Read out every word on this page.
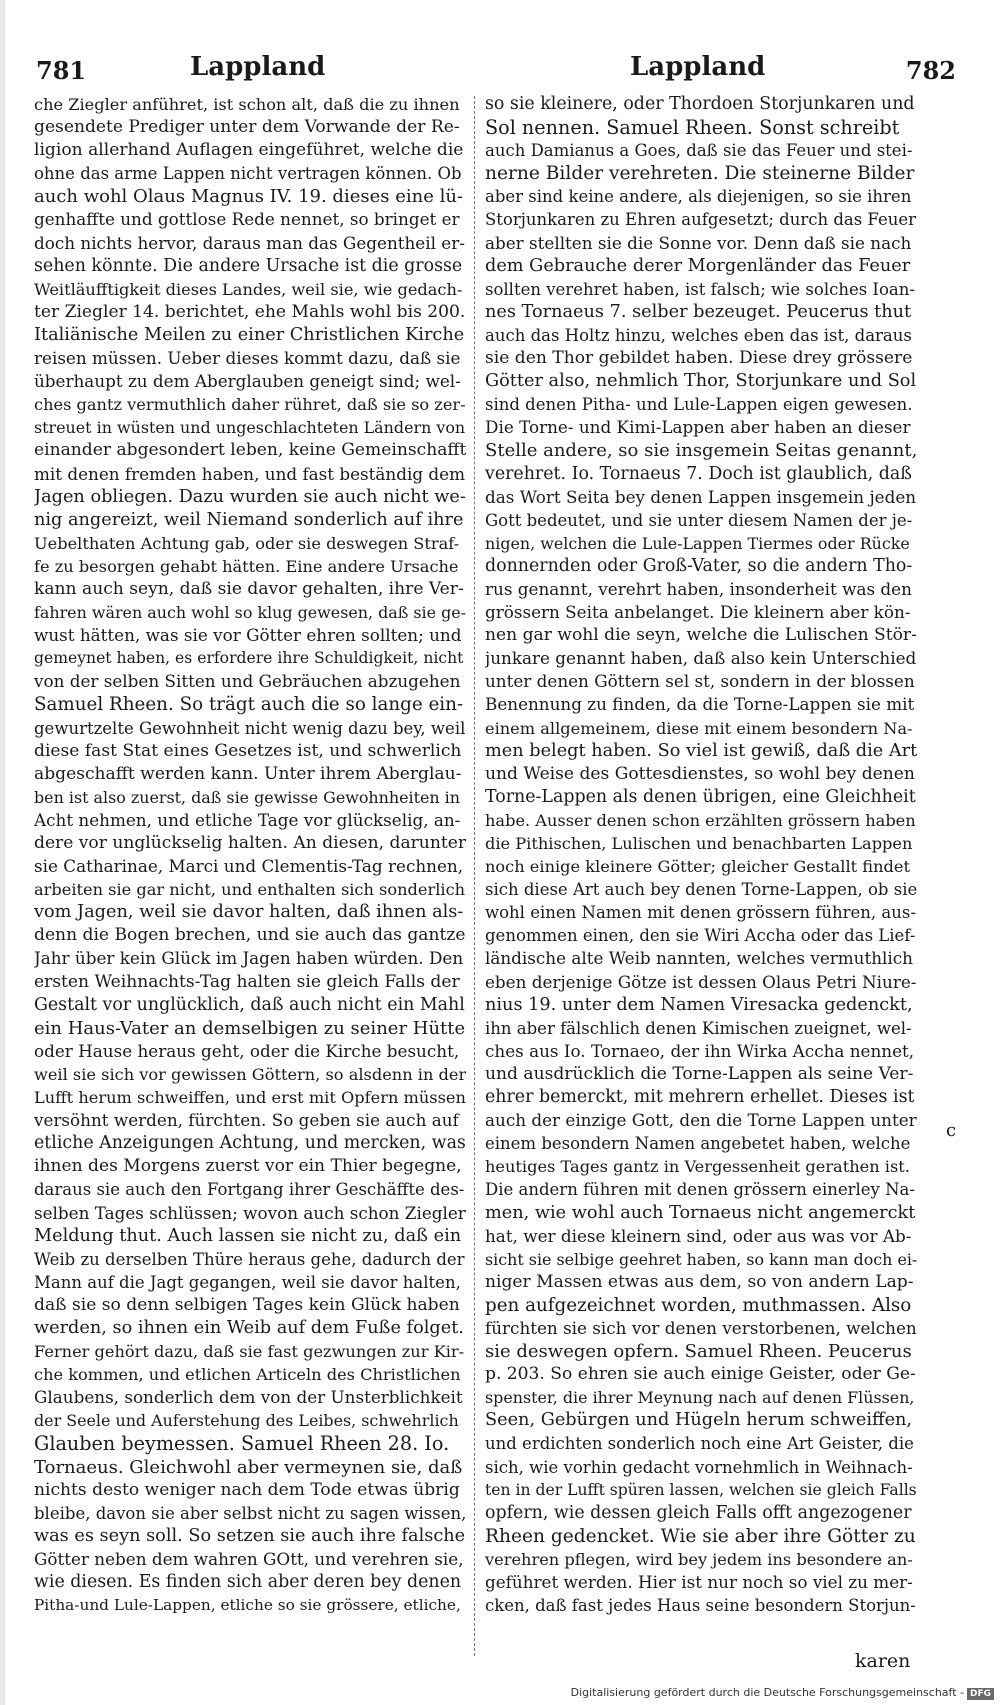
781	Lappland	Lappland	782

che Ziegler anführet, ist schon alt, daß die zu ihnen

gesendete Prediger unter dem Vorwande der Re-

ligion allerhand Auflagen eingeführet, welche die

ohne das arme Lappen nicht vertragen können. Ob

auch wohl Olaus Magnus IV. 19. dieses eine lü-

genhaffte und gottlose Rede nennet, so bringet er

doch nichts hervor, daraus man das Gegentheil er-

sehen könnte. Die andere Ursache ist die grosse

Weitläufftigkeit dieses Landes, weil sie, wie gedach-

ter Ziegler 14. berichtet, ehe Mahls wohl bis 200.

Italiänische Meilen zu einer Christlichen Kirche

reisen müssen. Ueber dieses kommt dazu, daß sie

überhaupt zu dem Aberglauben geneigt sind; wel-

ches gantz vermuthlich daher rühret, daß sie so zer-

streuet in wüsten und ungeschlachteten Ländern von

einander abgesondert leben, keine Gemeinschafft

mit denen fremden haben, und fast beständig dem

Jagen obliegen. Dazu wurden sie auch nicht we-

nig angereizt, weil Niemand sonderlich auf ihre

Uebelthaten Achtung gab, oder sie deswegen Straf-

fe zu besorgen gehabt hätten. Eine andere Ursache

kann auch seyn, daß sie davor gehalten, ihre Ver-

fahren wären auch wohl so klug gewesen, daß sie ge-

wust hätten, was sie vor Götter ehren sollten; und

gemeynet haben, es erfordere ihre Schuldigkeit, nicht

von der selben Sitten und Gebräuchen abzugehen

Samuel Rheen. So trägt auch die so lange ein-

gewurtzelte Gewohnheit nicht wenig dazu bey, weil

diese fast Stat eines Gesetzes ist, und schwerlich

abgeschafft werden kann. Unter ihrem Aberglau-

ben ist also zuerst, daß sie gewisse Gewohnheiten in

Acht nehmen, und etliche Tage vor glückselig, an-

dere vor unglückselig halten. An diesen, darunter

sie Catharinae, Marci und Clementis-Tag rechnen,

arbeiten sie gar nicht, und enthalten sich sonderlich

vom Jagen, weil sie davor halten, daß ihnen als-

denn die Bogen brechen, und sie auch das gantze

Jahr über kein Glück im Jagen haben würden. Den

ersten Weihnachts-Tag halten sie gleich Falls der

Gestalt vor unglücklich, daß auch nicht ein Mahl

ein Haus-Vater an demselbigen zu seiner Hütte

oder Hause heraus geht, oder die Kirche besucht,

weil sie sich vor gewissen Göttern, so alsdenn in der

Lufft herum schweiffen, und erst mit Opfern müssen

versöhnt werden, fürchten. So geben sie auch auf

etliche Anzeigungen Achtung, und mercken, was

ihnen des Morgens zuerst vor ein Thier begegne,

daraus sie auch den Fortgang ihrer Geschäffte des-

selben Tages schlüssen; wovon auch schon Ziegler

Meldung thut. Auch lassen sie nicht zu, daß ein

Weib zu derselben Thüre heraus gehe, dadurch der

Mann auf die Jagt gegangen, weil sie davor halten,

daß sie so denn selbigen Tages kein Glück haben

werden, so ihnen ein Weib auf dem Fuße folget.

Ferner gehört dazu, daß sie fast gezwungen zur Kir-

che kommen, und etlichen Articeln des Christlichen

Glaubens, sonderlich dem von der Unsterblichkeit

der Seele und Auferstehung des Leibes, schwehrlich

Glauben beymessen. Samuel Rheen 28. Io.

Tornaeus. Gleichwohl aber vermeynen sie, daß

nichts desto weniger nach dem Tode etwas übrig

bleibe, davon sie aber selbst nicht zu sagen wissen,

was es seyn soll. So setzen sie auch ihre falsche

Götter neben dem wahren GOtt, und verehren sie,

wie diesen. Es finden sich aber deren bey denen

Pitha-und Lule-Lappen, etliche so sie grössere, etliche,

so sie kleinere, oder Thordoen Storjunkaren und

Sol nennen. Samuel Rheen. Sonst schreibt

auch Damianus a Goes, daß sie das Feuer und stei-

nerne Bilder verehreten. Die steinerne Bilder

aber sind keine andere, als diejenigen, so sie ihren

Storjunkaren zu Ehren aufgesetzt; durch das Feuer

aber stellten sie die Sonne vor. Denn daß sie nach

dem Gebrauche derer Morgenländer das Feuer

sollten verehret haben, ist falsch; wie solches Ioan-

nes Tornaeus 7. selber bezeuget. Peucerus thut

auch das Holtz hinzu, welches eben das ist, daraus

sie den Thor gebildet haben. Diese drey grössere

Götter also, nehmlich Thor, Storjunkare und Sol

sind denen Pitha- und Lule-Lappen eigen gewesen.

Die Torne- und Kimi-Lappen aber haben an dieser

Stelle andere, so sie insgemein Seitas genannt,

verehret. Io. Tornaeus 7. Doch ist glaublich, daß

das Wort Seita bey denen Lappen insgemein jeden

Gott bedeutet, und sie unter diesem Namen der je-

nigen, welchen die Lule-Lappen Tiermes oder Rücke

donnernden oder Groß-Vater, so die andern Tho-

rus genannt, verehrt haben, insonderheit was den

grössern Seita anbelanget. Die kleinern aber kön-

nen gar wohl die seyn, welche die Lulischen Stör-

junkare genannt haben, daß also kein Unterschied

unter denen Göttern sel st, sondern in der blossen

Benennung zu finden, da die Torne-Lappen sie mit

einem allgemeinem, diese mit einem besondern Na-

men belegt haben. So viel ist gewiß, daß die Art

und Weise des Gottesdienstes, so wohl bey denen

Torne-Lappen als denen übrigen, eine Gleichheit

habe. Ausser denen schon erzählten grössern haben

die Pithischen, Lulischen und benachbarten Lappen

noch einige kleinere Götter; gleicher Gestallt findet

sich diese Art auch bey denen Torne-Lappen, ob sie

wohl einen Namen mit denen grössern führen, aus-

genommen einen, den sie Wiri Accha oder das Lief-

ländische alte Weib nannten, welches vermuthlich

eben derjenige Götze ist dessen Olaus Petri Niure-

nius 19. unter dem Namen Viresacka gedenckt,

ihn aber fälschlich denen Kimischen zueignet, wel-

ches aus Io. Tornaeo, der ihn Wirka Accha nennet,

und ausdrücklich die Torne-Lappen als seine Ver-

ehrer bemerckt, mit mehrern erhellet. Dieses ist

auch der einzige Gott, den die Torne Lappen unter

einem besondern Namen angebetet haben, welche

heutiges Tages gantz in Vergessenheit gerathen ist.

Die andern führen mit denen grössern einerley Na-

men, wie wohl auch Tornaeus nicht angemerckt

hat, wer diese kleinern sind, oder aus was vor Ab-

sicht sie selbige geehret haben, so kann man doch ei-

niger Massen etwas aus dem, so von andern Lap-

pen aufgezeichnet worden, muthmassen. Also

fürchten sie sich vor denen verstorbenen, welchen

sie deswegen opfern. Samuel Rheen. Peucerus

p. 203. So ehren sie auch einige Geister, oder Ge-

spenster, die ihrer Meynung nach auf denen Flüssen,

Seen, Gebürgen und Hügeln herum schweiffen,

und erdichten sonderlich noch eine Art Geister, die

sich, wie vorhin gedacht vornehmlich in Weihnach-

ten in der Lufft spüren lassen, welchen sie gleich Falls

opfern, wie dessen gleich Falls offt angezogener

Rheen gedencket. Wie sie aber ihre Götter zu

verehren pflegen, wird bey jedem ins besondere an-

geführet werden. Hier ist nur noch so viel zu mer-

cken, daß fast jedes Haus seine besondern Storjun-

c
karen
Digitalisierung gefördert durch die Deutsche Forschungsgemeinschaft - DFG
